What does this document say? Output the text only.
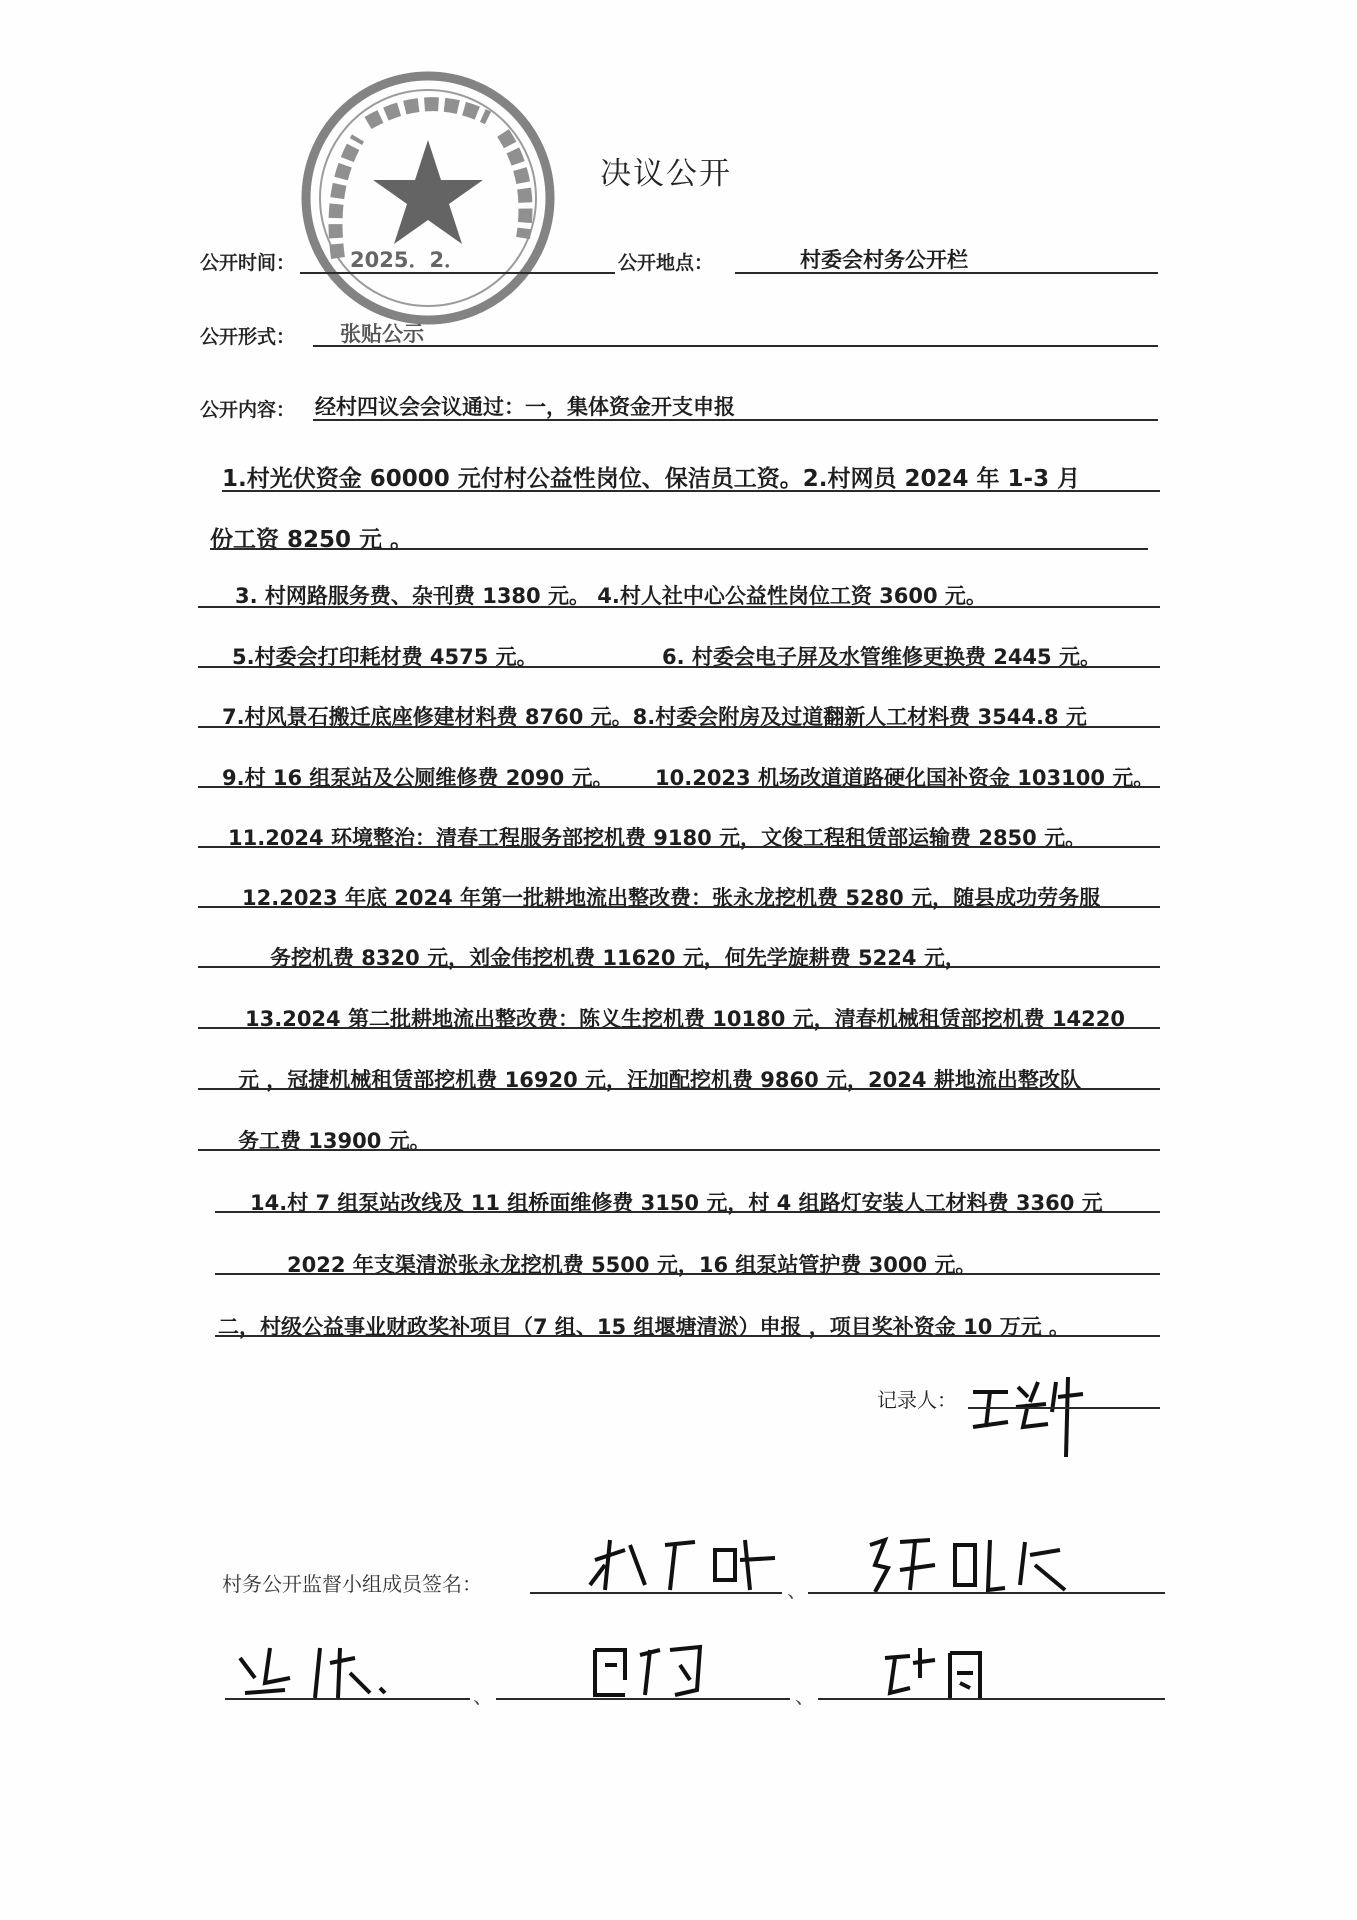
决议公开
公开时间：	2025．2．	公开地点：	村委会村务公开栏
公开形式： 张贴公示
公开内容： 经村四议会会议通过：一，集体资金开支申报
1.村光伏资金 60000 元付村公益性岗位、保洁员工资。2.村网员 2024 年 1-3 月
份工资 8250 元 。
3. 村网路服务费、杂刊费 1380 元。 4.村人社中心公益性岗位工资 3600 元。
5.村委会打印耗材费 4575 元。	6. 村委会电子屏及水管维修更换费 2445 元。
7.村风景石搬迁底座修建材料费 8760 元。8.村委会附房及过道翻新人工材料费 3544.8 元
9.村 16 组泵站及公厕维修费 2090 元。 10.2023 机场改道道路硬化国补资金 103100 元。
11.2024 环境整治：清春工程服务部挖机费 9180 元，文俊工程租赁部运输费 2850 元。
12.2023 年底 2024 年第一批耕地流出整改费：张永龙挖机费 5280 元，随县成功劳务服
务挖机费 8320 元，刘金伟挖机费 11620 元，何先学旋耕费 5224 元，
13.2024 第二批耕地流出整改费：陈义生挖机费 10180 元，清春机械租赁部挖机费 14220
元 ，冠捷机械租赁部挖机费 16920 元，汪加配挖机费 9860 元，2024 耕地流出整改队
务工费 13900 元。
14.村 7 组泵站改线及 11 组桥面维修费 3150 元，村 4 组路灯安装人工材料费 3360 元
2022 年支渠清淤张永龙挖机费 5500 元，16 组泵站管护费 3000 元。
二，村级公益事业财政奖补项目（7 组、15 组堰塘清淤）申报 ，项目奖补资金 10 万元 。
记录人：
村务公开监督小组成员签名：	、
、	、
